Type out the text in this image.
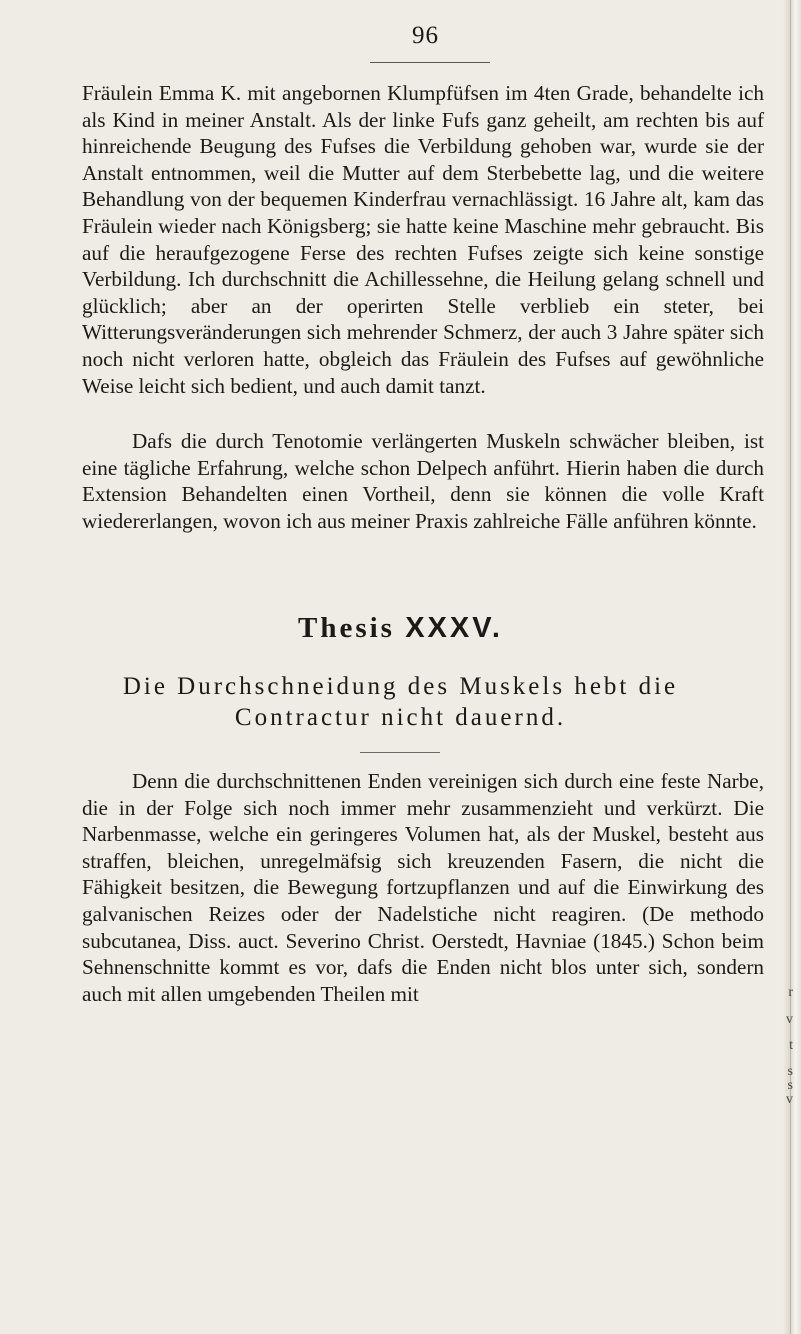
96

Fräulein Emma K. mit angebornen Klumpfüfsen im 4ten Grade, behandelte ich als Kind in meiner Anstalt. Als der linke Fufs ganz geheilt, am rechten bis auf hinreichende Beugung des Fufses die Verbildung gehoben war, wurde sie der Anstalt entnommen, weil die Mutter auf dem Sterbebette lag, und die weitere Behandlung von der bequemen Kinderfrau vernachlässigt. 16 Jahre alt, kam das Fräulein wieder nach Königsberg; sie hatte keine Maschine mehr gebraucht. Bis auf die heraufgezogene Ferse des rechten Fufses zeigte sich keine sonstige Verbildung. Ich durchschnitt die Achillessehne, die Heilung gelang schnell und glücklich; aber an der operirten Stelle verblieb ein steter, bei Witterungsveränderungen sich mehrender Schmerz, der auch 3 Jahre später sich noch nicht verloren hatte, obgleich das Fräulein des Fufses auf gewöhnliche Weise leicht sich bedient, und auch damit tanzt.

Dafs die durch Tenotomie verlängerten Muskeln schwächer bleiben, ist eine tägliche Erfahrung, welche schon Delpech anführt. Hierin haben die durch Extension Behandelten einen Vortheil, denn sie können die volle Kraft wiedererlangen, wovon ich aus meiner Praxis zahlreiche Fälle anführen könnte.

Thesis XXXV.
Die Durchschneidung des Muskels hebt die
Contractur nicht dauernd.

Denn die durchschnittenen Enden vereinigen sich durch eine feste Narbe, die in der Folge sich noch immer mehr zusammenzieht und verkürzt. Die Narbenmasse, welche ein geringeres Volumen hat, als der Muskel, besteht aus straffen, bleichen, unregelmäfsig sich kreuzenden Fasern, die nicht die Fähigkeit besitzen, die Bewegung fortzupflanzen und auf die Einwirkung des galvanischen Reizes oder der Nadelstiche nicht reagiren. (De methodo subcutanea, Diss. auct. Severino Christ. Oerstedt, Havniae (1845.) Schon beim Sehnenschnitte kommt es vor, dafs die Enden nicht blos unter sich, sondern auch mit allen umgebenden Theilen mit	r
v
t
s
s
v
